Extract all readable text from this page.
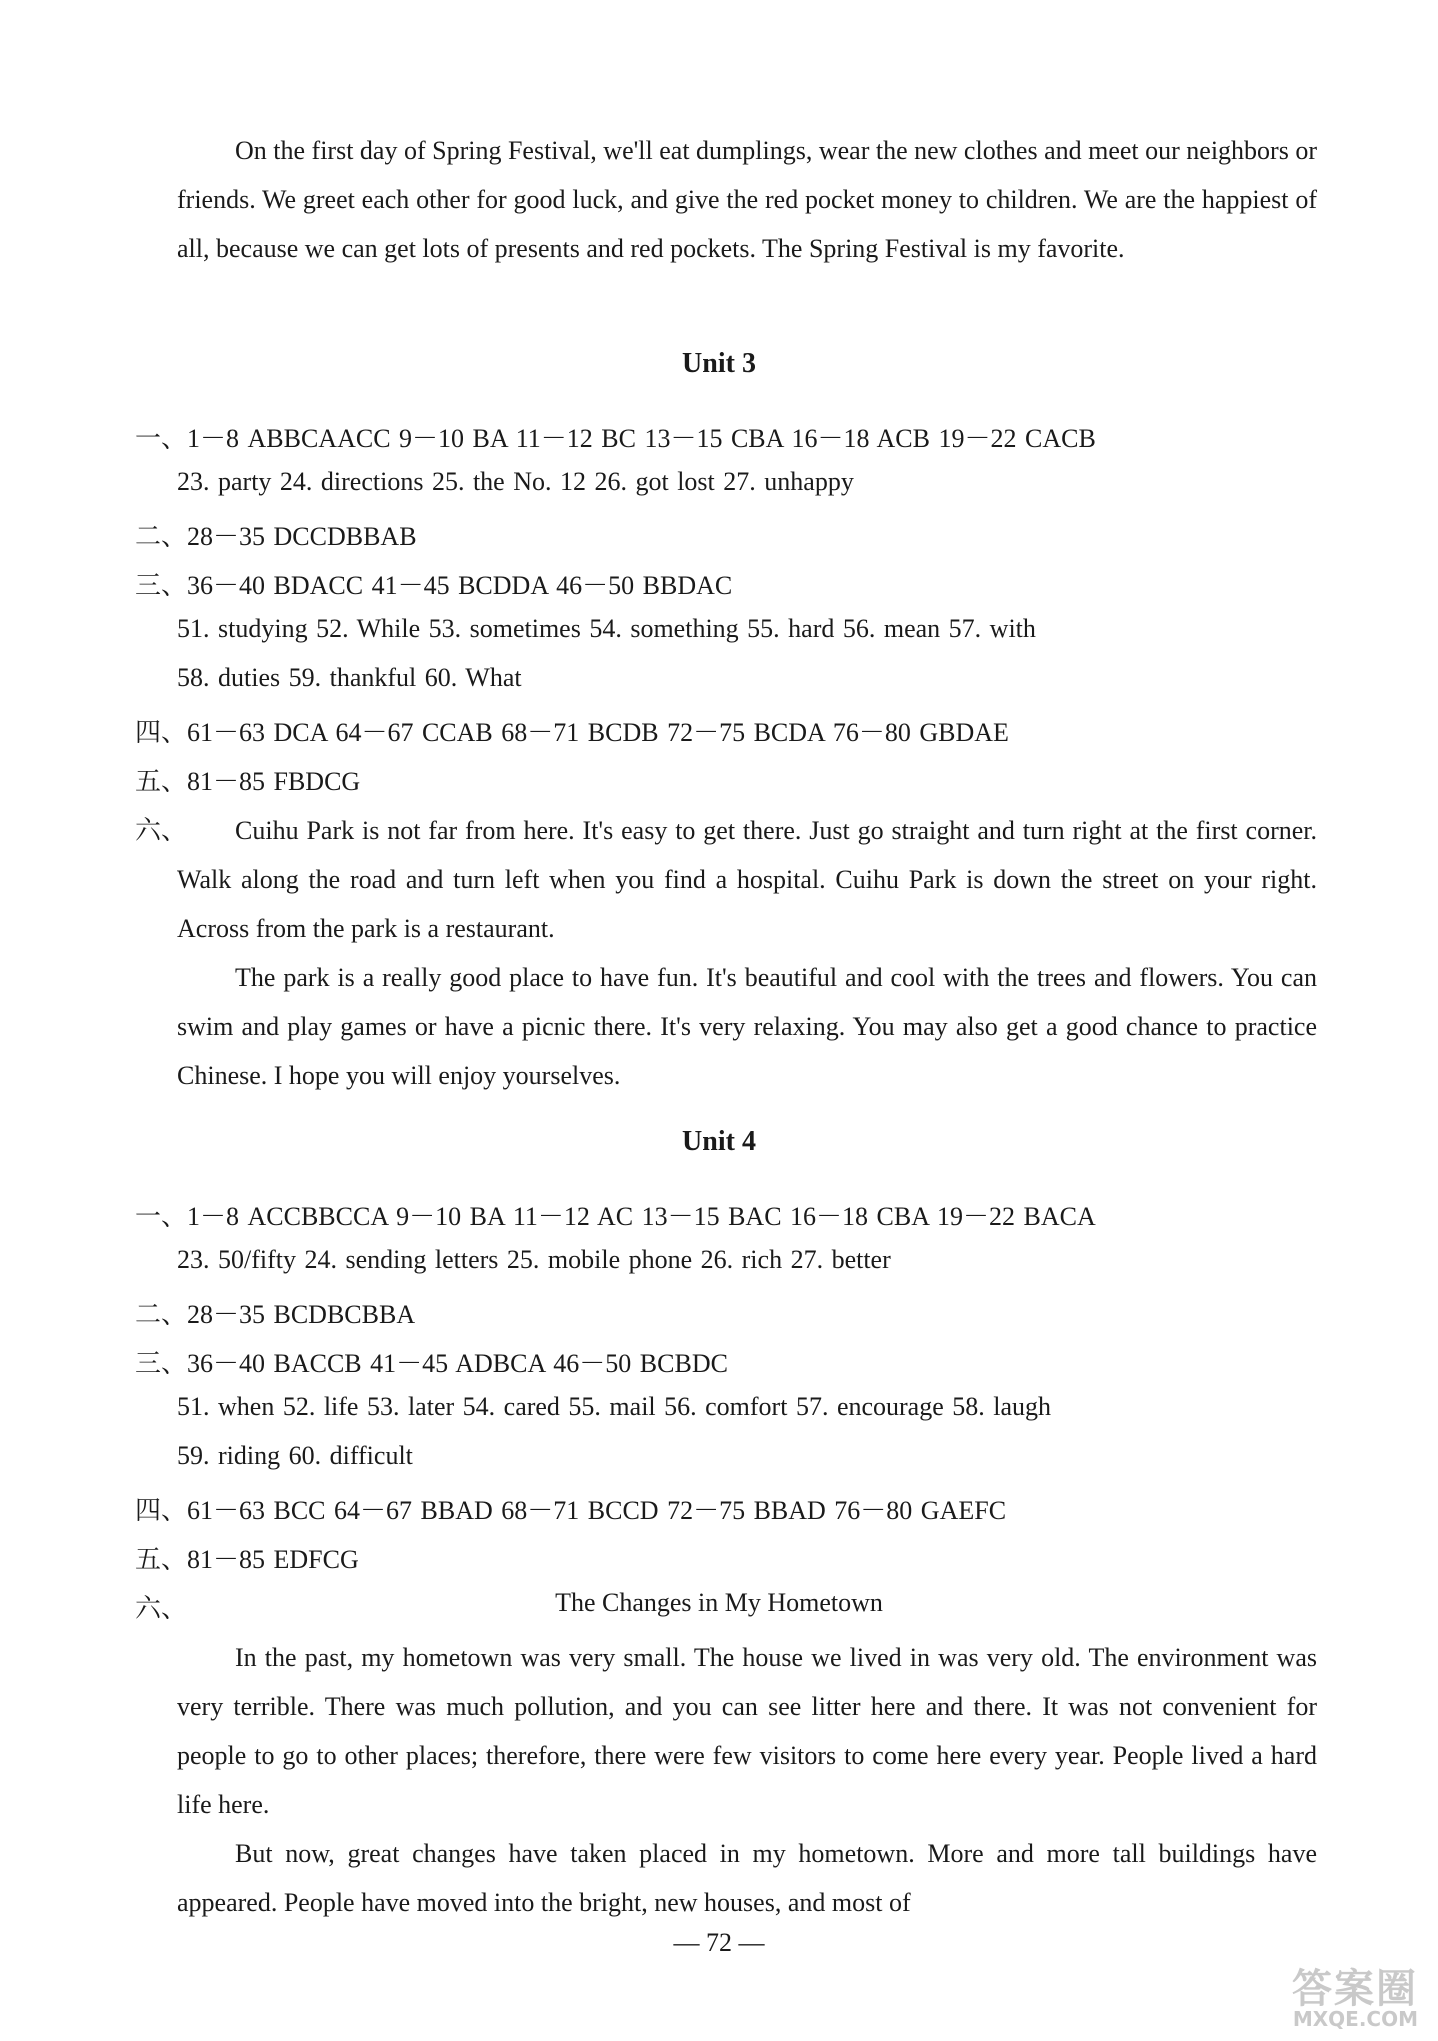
On the first day of Spring Festival, we'll eat dumplings, wear the new clothes and meet our neighbors or friends. We greet each other for good luck, and give the red pocket money to children. We are the happiest of all, because we can get lots of presents and red pockets. The Spring Festival is my favorite.

Unit 3

一、1－8 ABBCAACC 9－10 BA 11－12 BC 13－15 CBA 16－18 ACB 19－22 CACB

23. party 24. directions 25. the No. 12 26. got lost 27. unhappy

二、28－35 DCCDBBAB

三、36－40 BDACC 41－45 BCDDA 46－50 BBDAC

51. studying 52. While 53. sometimes 54. something 55. hard 56. mean 57. with

58. duties 59. thankful 60. What

四、61－63 DCA 64－67 CCAB 68－71 BCDB 72－75 BCDA 76－80 GBDAE

五、81－85 FBDCG

六、	Cuihu Park is not far from here. It's easy to get there. Just go straight and turn right at the first corner. Walk along the road and turn left when you find a hospital. Cuihu Park is down the street on your right. Across from the park is a restaurant.

The park is a really good place to have fun. It's beautiful and cool with the trees and flowers. You can swim and play games or have a picnic there. It's very relaxing. You may also get a good chance to practice Chinese. I hope you will enjoy yourselves.

Unit 4

一、1－8 ACCBBCCA 9－10 BA 11－12 AC 13－15 BAC 16－18 CBA 19－22 BACA

23. 50/fifty 24. sending letters 25. mobile phone 26. rich 27. better

二、28－35 BCDBCBBA

三、36－40 BACCB 41－45 ADBCA 46－50 BCBDC

51. when 52. life 53. later 54. cared 55. mail 56. comfort 57. encourage 58. laugh

59. riding 60. difficult

四、61－63 BCC 64－67 BBAD 68－71 BCCD 72－75 BBAD 76－80 GAEFC

五、81－85 EDFCG

六、	The Changes in My Hometown

In the past, my hometown was very small. The house we lived in was very old. The environment was very terrible. There was much pollution, and you can see litter here and there. It was not convenient for people to go to other places; therefore, there were few visitors to come here every year. People lived a hard life here.

But now, great changes have taken placed in my hometown. More and more tall buildings have appeared. People have moved into the bright, new houses, and most of

— 72 —

答案圈
MXQE.COM
